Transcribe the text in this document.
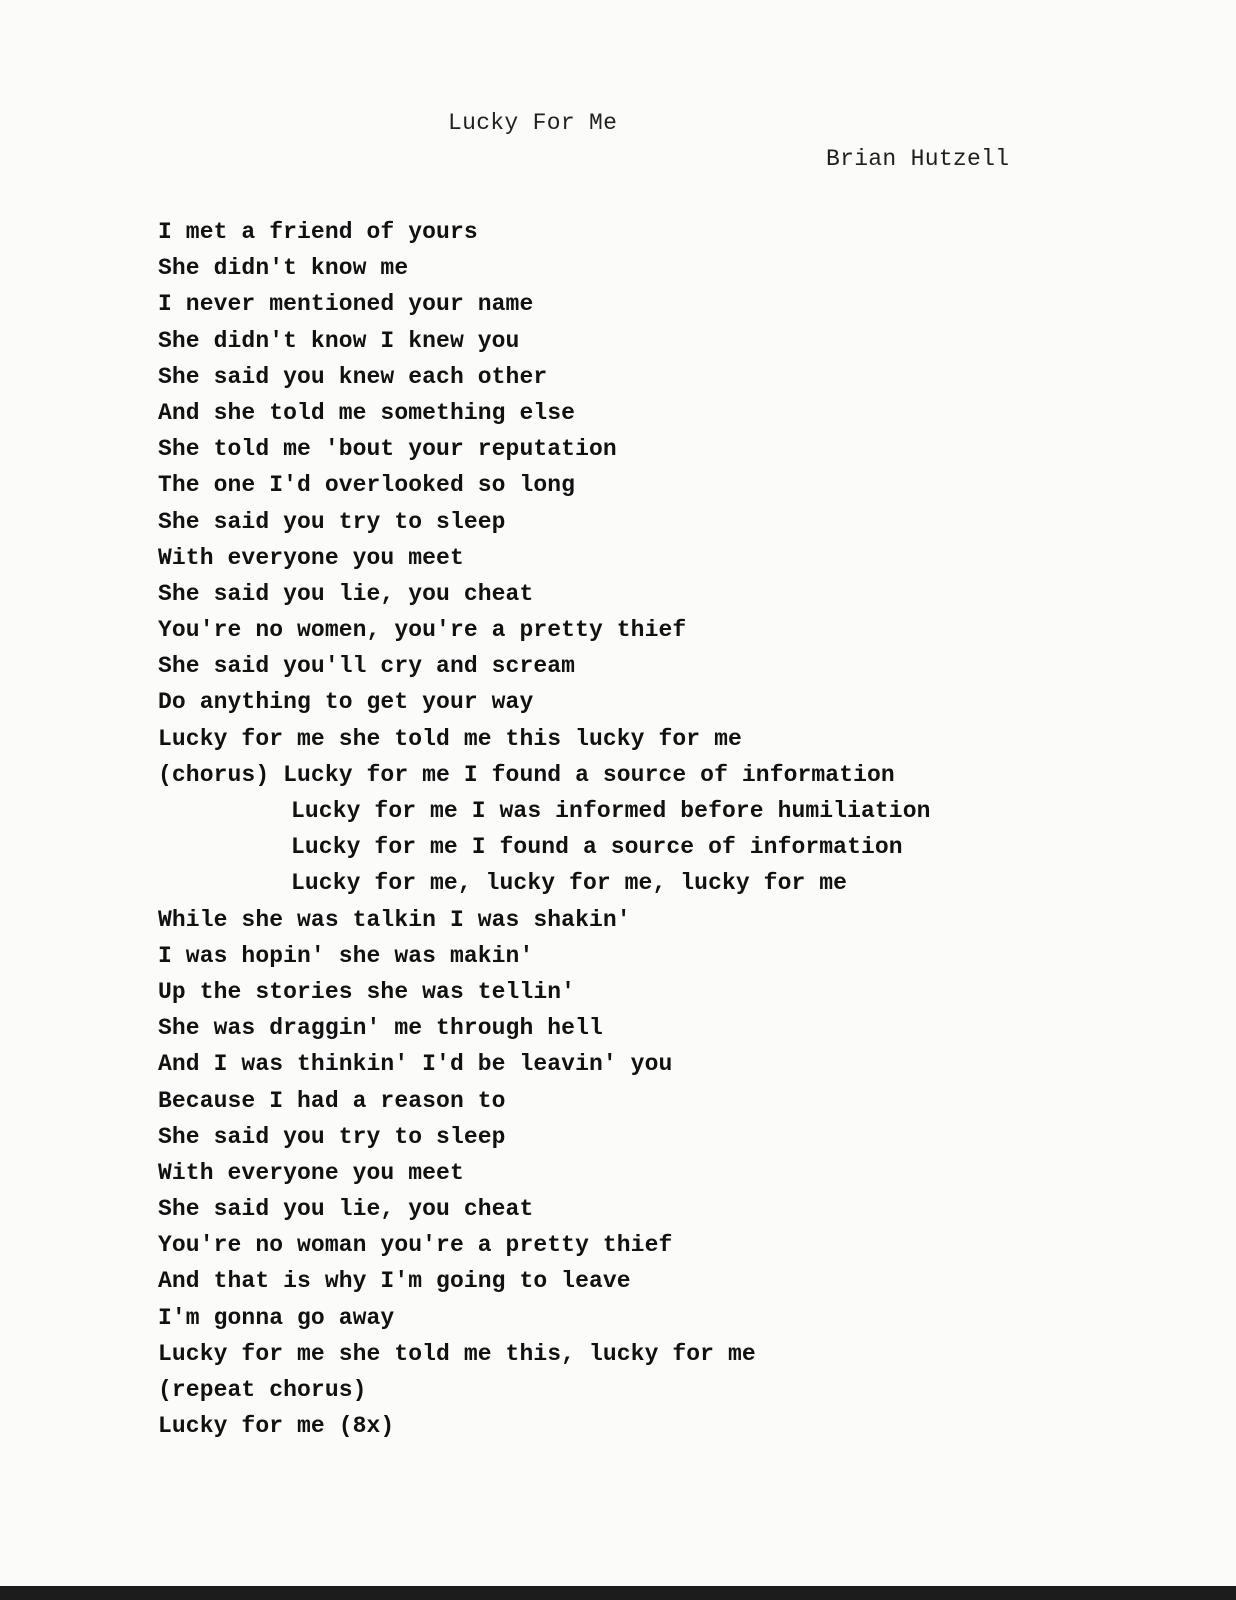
Lucky For Me
Brian Hutzell
I met a friend of yours
She didn't know me
I never mentioned your name
She didn't know I knew you
She said you knew each other
And she told me something else
She told me 'bout your reputation
The one I'd overlooked so long
She said you try to sleep
With everyone you meet
She said you lie, you cheat
You're no women, you're a pretty thief
She said you'll cry and scream
Do anything to get your way
Lucky for me she told me this lucky for me
(chorus) Lucky for me I found a source of information
Lucky for me I was informed before humiliation
Lucky for me I found a source of information
Lucky for me, lucky for me, lucky for me
While she was talkin I was shakin'
I was hopin' she was makin'
Up the stories she was tellin'
She was draggin' me through hell
And I was thinkin' I'd be leavin' you
Because I had a reason to
She said you try to sleep
With everyone you meet
She said you lie, you cheat
You're no woman you're a pretty thief
And that is why I'm going to leave
I'm gonna go away
Lucky for me she told me this, lucky for me
(repeat chorus)
Lucky for me (8x)
